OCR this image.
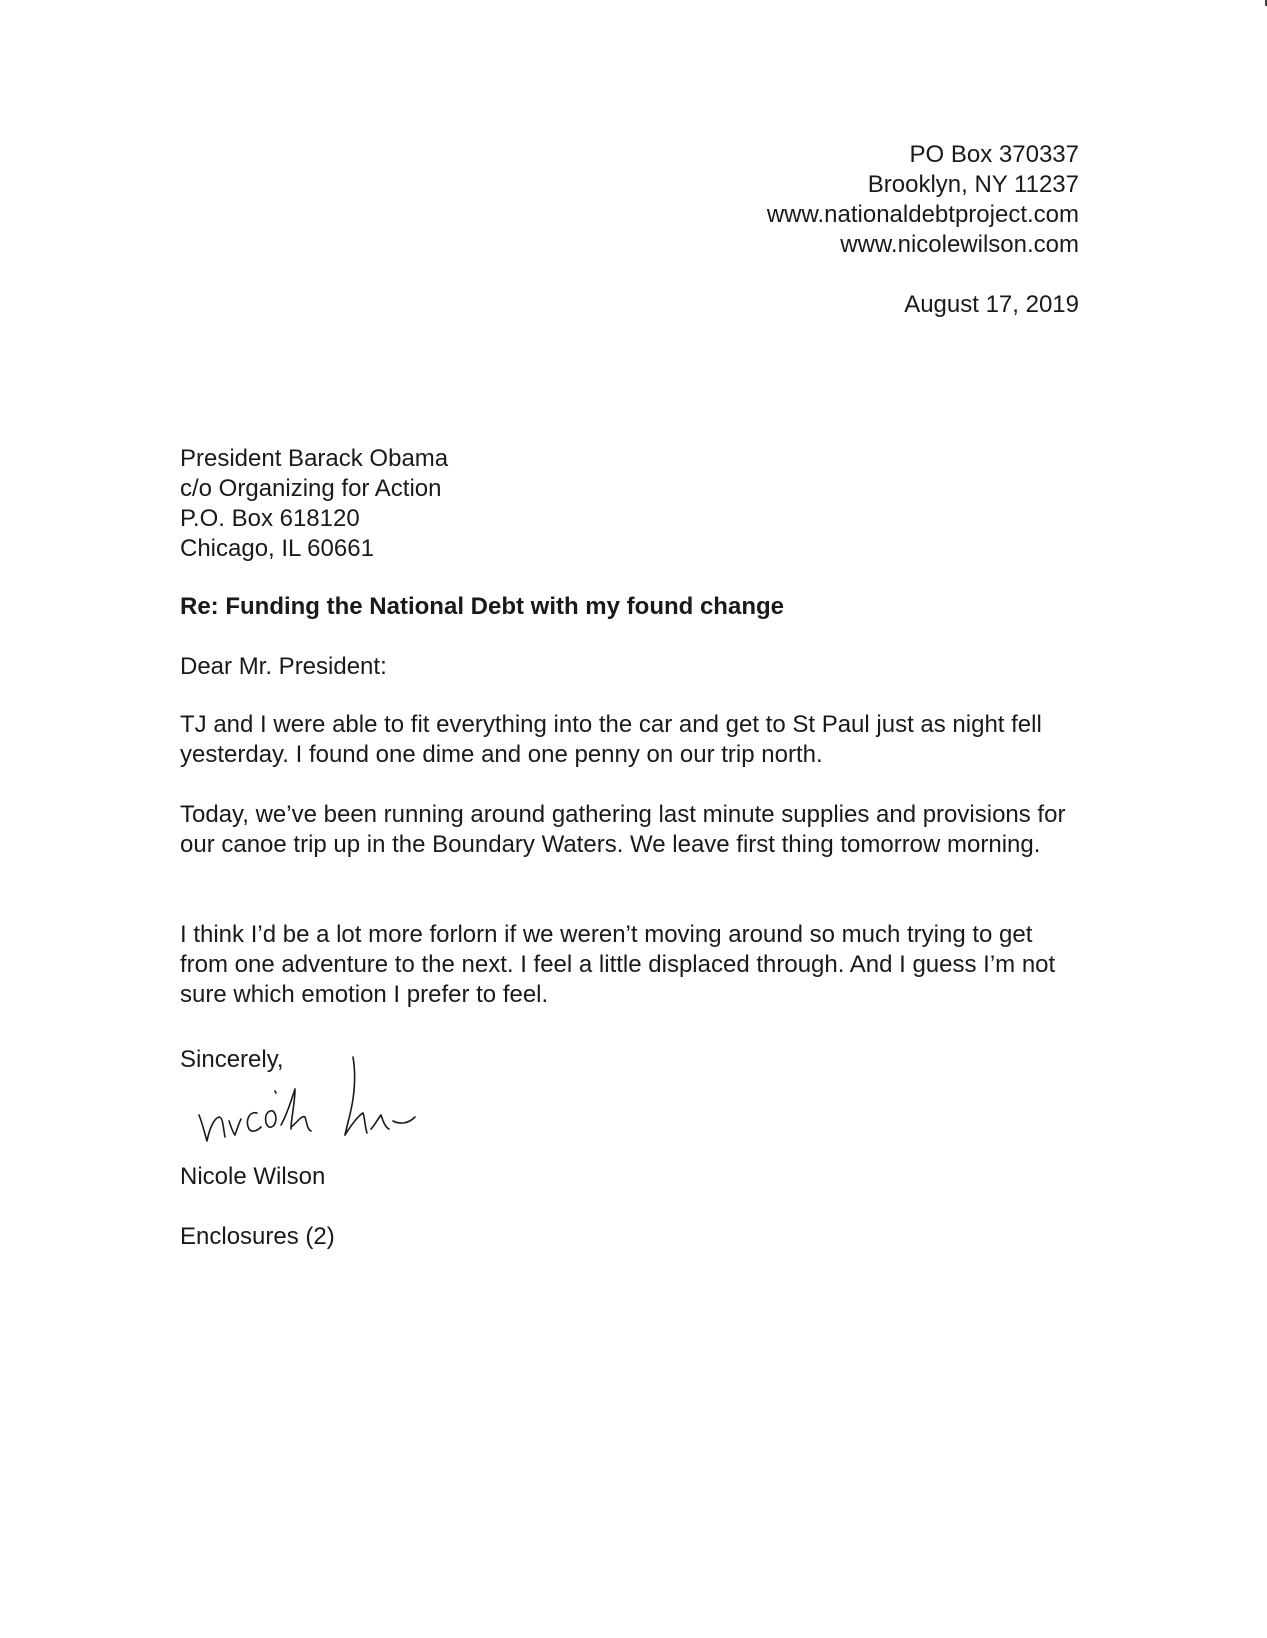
PO Box 370337
Brooklyn, NY 11237
www.nationaldebtproject.com
www.nicolewilson.com
August 17, 2019
President Barack Obama
c/o Organizing for Action
P.O. Box 618120
Chicago, IL 60661
Re: Funding the National Debt with my found change
Dear Mr. President:

TJ and I were able to fit everything into the car and get to St Paul just as night fell yesterday. I found one dime and one penny on our trip north.

Today, we’ve been running around gathering last minute supplies and provisions for our canoe trip up in the Boundary Waters. We leave first thing tomorrow morning.

I think I’d be a lot more forlorn if we weren’t moving around so much trying to get from one adventure to the next. I feel a little displaced through. And I guess I’m not sure which emotion I prefer to feel.

Sincerely,
Nicole Wilson
Enclosures (2)
